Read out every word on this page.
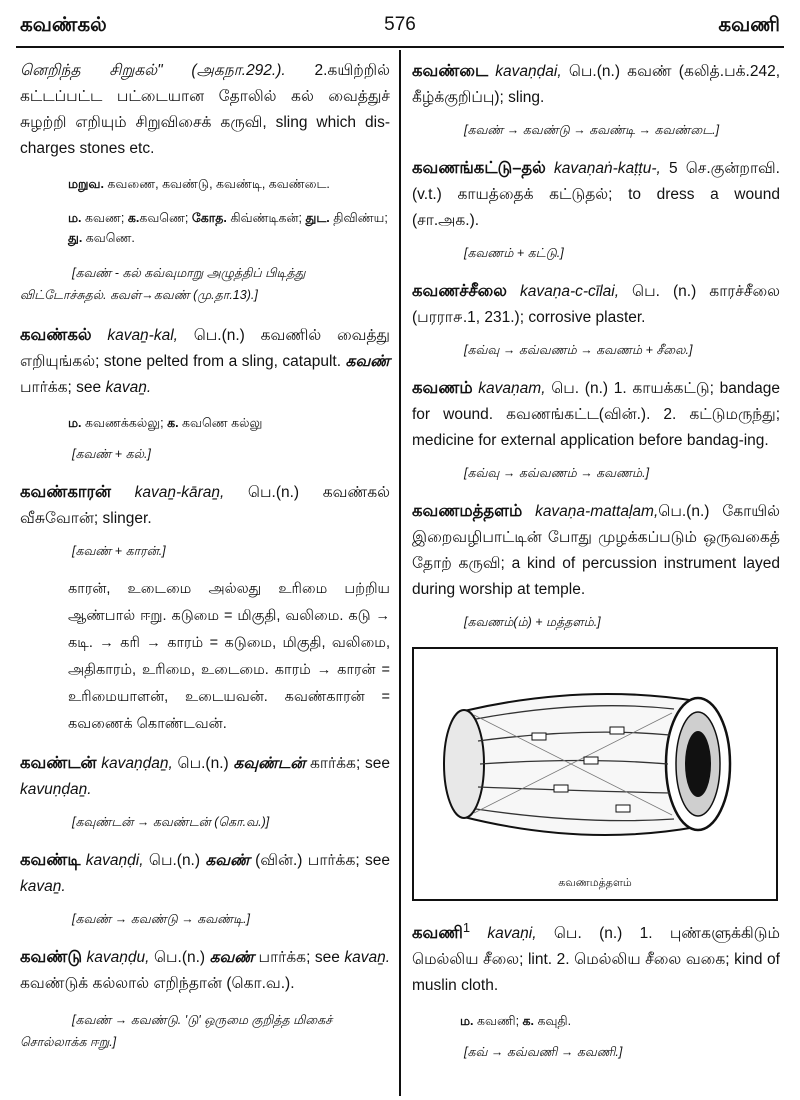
கவண்கல்	576	கவணி

னெறிந்த சிறுகல்" (அகநா.292.). 2.கயிற்றில் கட்டப்பட்ட பட்டையான தோலில் கல் வைத்துச் சுழற்றி எறியும் சிறுவிசைக் கருவி, sling which dis-charges stones etc.

மறுவ. கவணை, கவண்டு, கவண்டி, கவண்டை.

ம. கவண; க.கவணெ; கோத. கிவ்ண்டிகன்; துட. திவிண்ய; து. கவணெ.

[கவண் ‑ கல் கவ்வுமாறு அழுத்திப் பிடித்து விட்டோச்சுதல். கவள்→கவண் (மு.தா.13).]

கவண்கல் kavaṉ-kal, பெ.(n.) கவணில் வைத்து எறியுங்கல்; stone pelted from a sling, catapult. கவண் பார்க்க; see kavaṉ.

ம. கவணக்கல்லு; க. கவணெ கல்லு

[கவண் + கல்.]

கவண்காரன் kavaṉ-kāraṉ, பெ.(n.) கவண்கல் வீசுவோன்; slinger.

[கவண் + காரன்.]

காரன், உடைமை அல்லது உரிமை பற்றிய ஆண்பால் ஈறு. கடுமை = மிகுதி, வலிமை. கடு → கடி. → கரி → காரம் = கடுமை, மிகுதி, வலிமை, அதிகாரம், உரிமை, உடைமை. காரம் → காரன் = உரிமையாளன், உடையவன். கவண்காரன் = கவணைக் கொண்டவன்.

கவண்டன் kavaṇḍaṉ, பெ.(n.) கவுண்டன் கார்க்க; see kavuṇḍaṉ.

[கவுண்டன் → கவண்டன் (கொ.வ.)]

கவண்டி kavaṇḍi, பெ.(n.) கவண் (வின்.) பார்க்க; see kavaṉ.

[கவண் → கவண்டு → கவண்டி.]

கவண்டு kavaṇḍu, பெ.(n.) கவண் பார்க்க; see kavaṉ. கவண்டுக் கல்லால் எறிந்தான் (கொ.வ.).

[கவண் → கவண்டு. 'டு' ஒருமை குறித்த மிகைச் சொல்லாக்க ஈறு.]

கவண்டை kavaṇḍai, பெ.(n.) கவண் (கலித்.பக்.242, கீழ்க்குறிப்பு); sling.

[கவண் → கவண்டு → கவண்டி → கவண்டை.]

கவணங்கட்டு–தல் kavaṇaṅ-kaṭṭu-, 5 செ.குன்றாவி. (v.t.) காயத்தைக் கட்டுதல்; to dress a wound (சா.அக.).

[கவணம் + கட்டு.]

கவணச்சீலை kavaṇa-c-cīlai, பெ. (n.) காரச்சீலை (பரரா௪.1, 231.); corrosive plaster.

[கவ்வு → கவ்வணம் → கவணம் + சீலை.]

கவணம் kavaṇam, பெ. (n.) 1. காயக்கட்டு; bandage for wound. கவணங்கட்ட(வின்.). 2. கட்டுமருந்து; medicine for external application before bandag-ing.

[கவ்வு → கவ்வணம் → கவணம்.]

கவணமத்தளம் kavaṇa-mattaḷam,பெ.(n.) கோயில் இறைவழிபாட்டின் போது முழக்கப்படும் ஒருவகைத் தோற் கருவி; a kind of percussion instrument layed during worship at temple.

[கவணம்(ம்) + மத்தளம்.]

கவணமத்தளம்

கவணி$^1$ kavaṇi, பெ. (n.) 1. புண்களுக்கிடும் மெல்லிய சீலை; lint. 2. மெல்லிய சீலை வகை; kind of muslin cloth.

ம. கவணி; க. கவுதி.

[கவ் → கவ்வணி → கவணி.]
